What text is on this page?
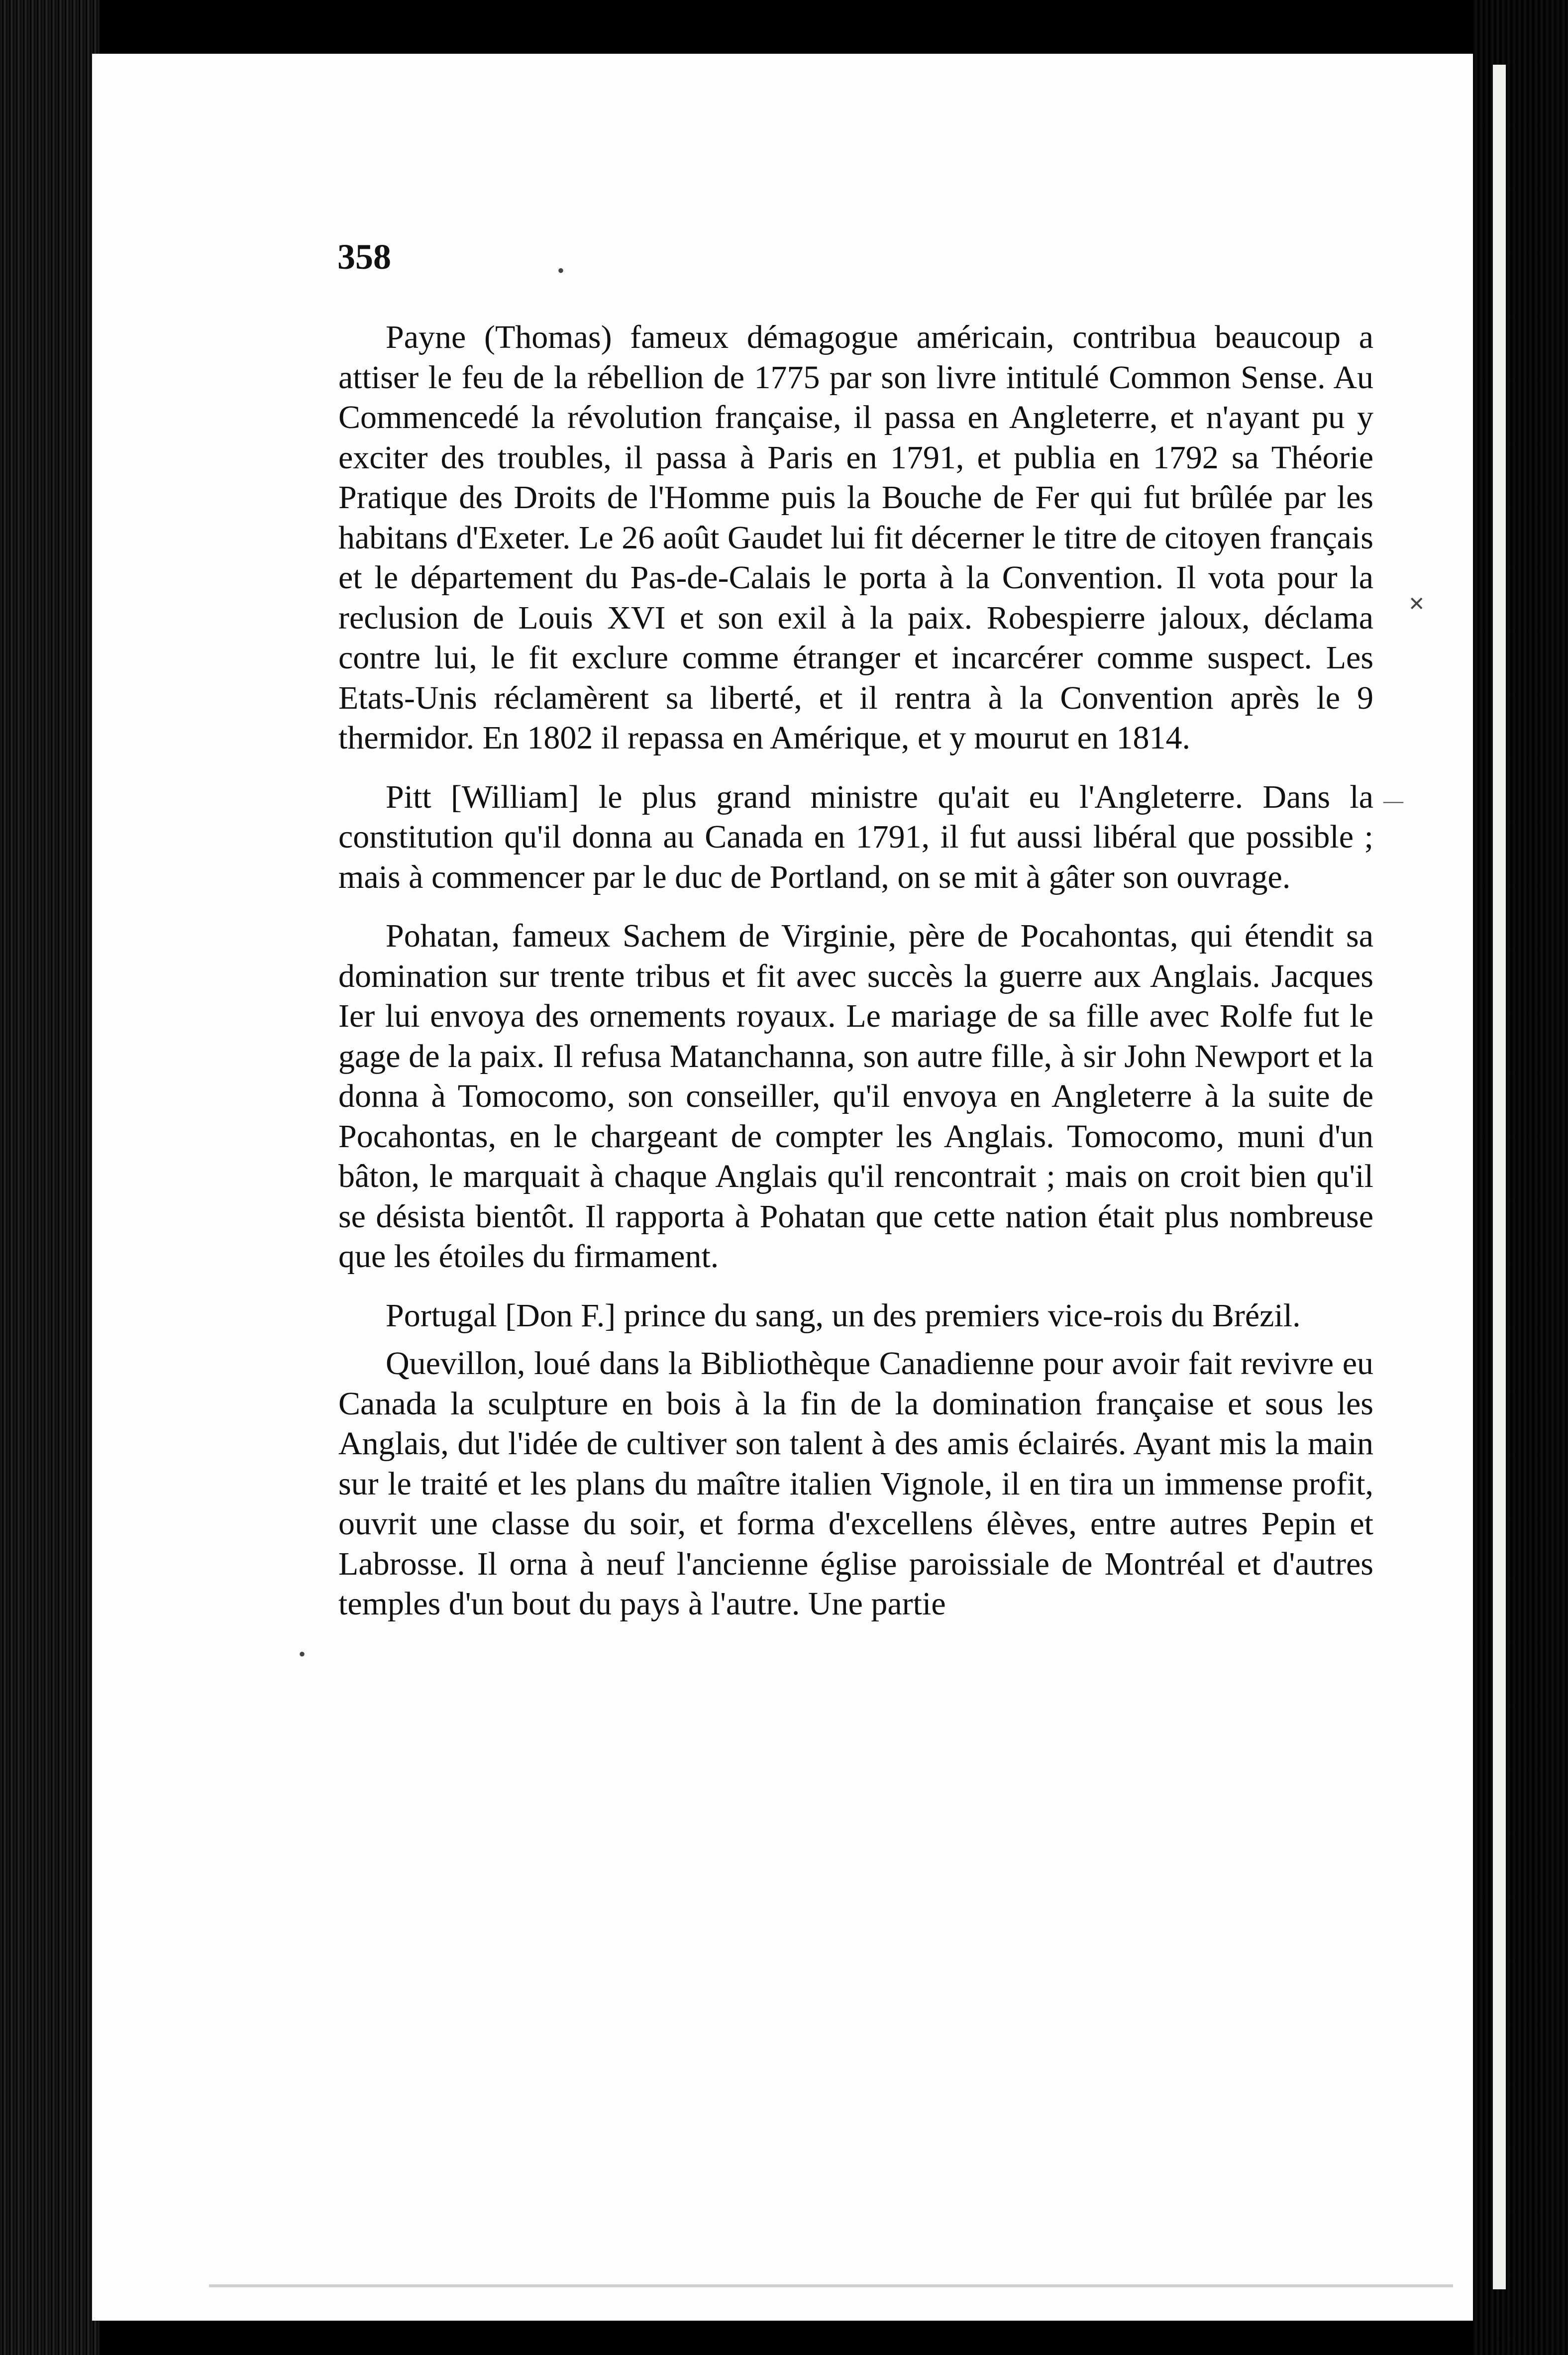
358

Payne (Thomas) fameux démagogue américain, contribua beaucoup a attiser le feu de la rébellion de 1775 par son livre intitulé Common Sense. Au Commencedé la révolution française, il passa en Angleterre, et n'ayant pu y exciter des troubles, il passa à Paris en 1791, et publia en 1792 sa Théorie Pratique des Droits de l'Homme puis la Bouche de Fer qui fut brûlée par les habitans d'Exeter. Le 26 août Gaudet lui fit décerner le titre de citoyen français et le département du Pas-de-Calais le porta à la Convention. Il vota pour la reclusion de Louis XVI et son exil à la paix. Robespierre jaloux, déclama contre lui, le fit exclure comme étranger et incarcérer comme suspect. Les Etats-Unis réclamèrent sa liberté, et il rentra à la Convention après le 9 thermidor. En 1802 il repassa en Amérique, et y mourut en 1814.

Pitt [William] le plus grand ministre qu'ait eu l'Angleterre. Dans la constitution qu'il donna au Canada en 1791, il fut aussi libéral que possible ; mais à commencer par le duc de Portland, on se mit à gâter son ouvrage.

Pohatan, fameux Sachem de Virginie, père de Pocahontas, qui étendit sa domination sur trente tribus et fit avec succès la guerre aux Anglais. Jacques Ier lui envoya des ornements royaux. Le mariage de sa fille avec Rolfe fut le gage de la paix. Il refusa Matanchanna, son autre fille, à sir John Newport et la donna à Tomocomo, son conseiller, qu'il envoya en Angleterre à la suite de Pocahontas, en le chargeant de compter les Anglais. Tomocomo, muni d'un bâton, le marquait à chaque Anglais qu'il rencontrait ; mais on croit bien qu'il se désista bientôt. Il rapporta à Pohatan que cette nation était plus nombreuse que les étoiles du firmament.

Portugal [Don F.] prince du sang, un des premiers vice-rois du Brézil.

Quevillon, loué dans la Bibliothèque Canadienne pour avoir fait revivre eu Canada la sculpture en bois à la fin de la domination française et sous les Anglais, dut l'idée de cultiver son talent à des amis éclairés. Ayant mis la main sur le traité et les plans du maître italien Vignole, il en tira un immense profit, ouvrit une classe du soir, et forma d'excellens élèves, entre autres Pepin et Labrosse. Il orna à neuf l'ancienne église paroissiale de Montréal et d'autres temples d'un bout du pays à l'autre. Une partie

•
✕
•
—
